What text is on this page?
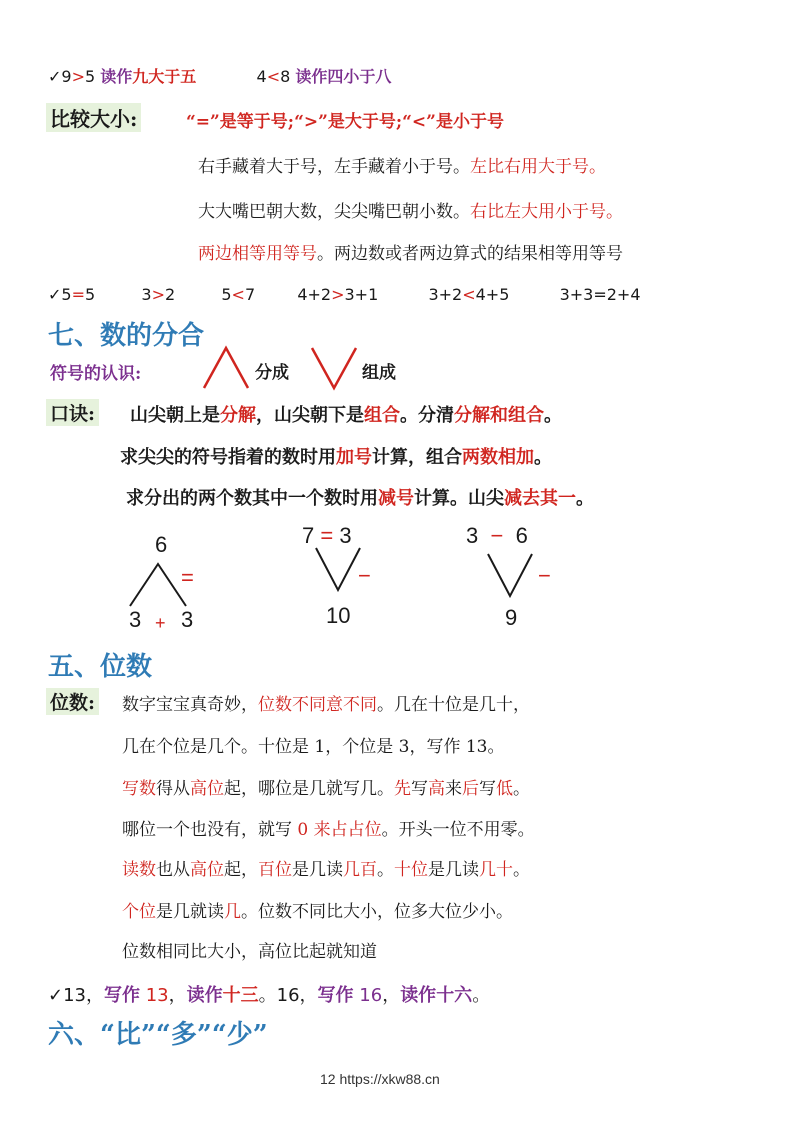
✓9>5 读作九大于五	4<8 读作四小于八
比较大小:	“=”是等于号;“>”是大于号;“<”是小于号
右手藏着大于号，左手藏着小于号。左比右用大于号。
大大嘴巴朝大数，尖尖嘴巴朝小数。右比左大用小于号。
两边相等用等号。两边数或者两边算式的结果相等用等号
✓5=5	3>2	5<7	4+2>3+1	3+2<4+5	3+3=2+4
七、数的分合
符号的认识:	分成	组成
口诀: 山尖朝上是分解，山尖朝下是组合。分清分解和组合。
求尖尖的符号指着的数时用加号计算，组合两数相加。
求分出的两个数其中一个数时用减号计算。山尖减去其一。
6
=
3 + 3
7 = 3
−
10
3 − 6
−
9
五、位数
位数: 数字宝宝真奇妙，位数不同意不同。几在十位是几十，
几在个位是几个。十位是 1，个位是 3，写作 13。
写数得从高位起，哪位是几就写几。先写高来后写低。
哪位一个也没有，就写 0 来占占位。开头一位不用零。
读数也从高位起，百位是几读几百。十位是几读几十。
个位是几就读几。位数不同比大小，位多大位少小。
位数相同比大小，高位比起就知道
✓13，写作 13，读作十三。16，写作 16，读作十六。
六、“比”“多”“少”
12 https://xkw88.cn
